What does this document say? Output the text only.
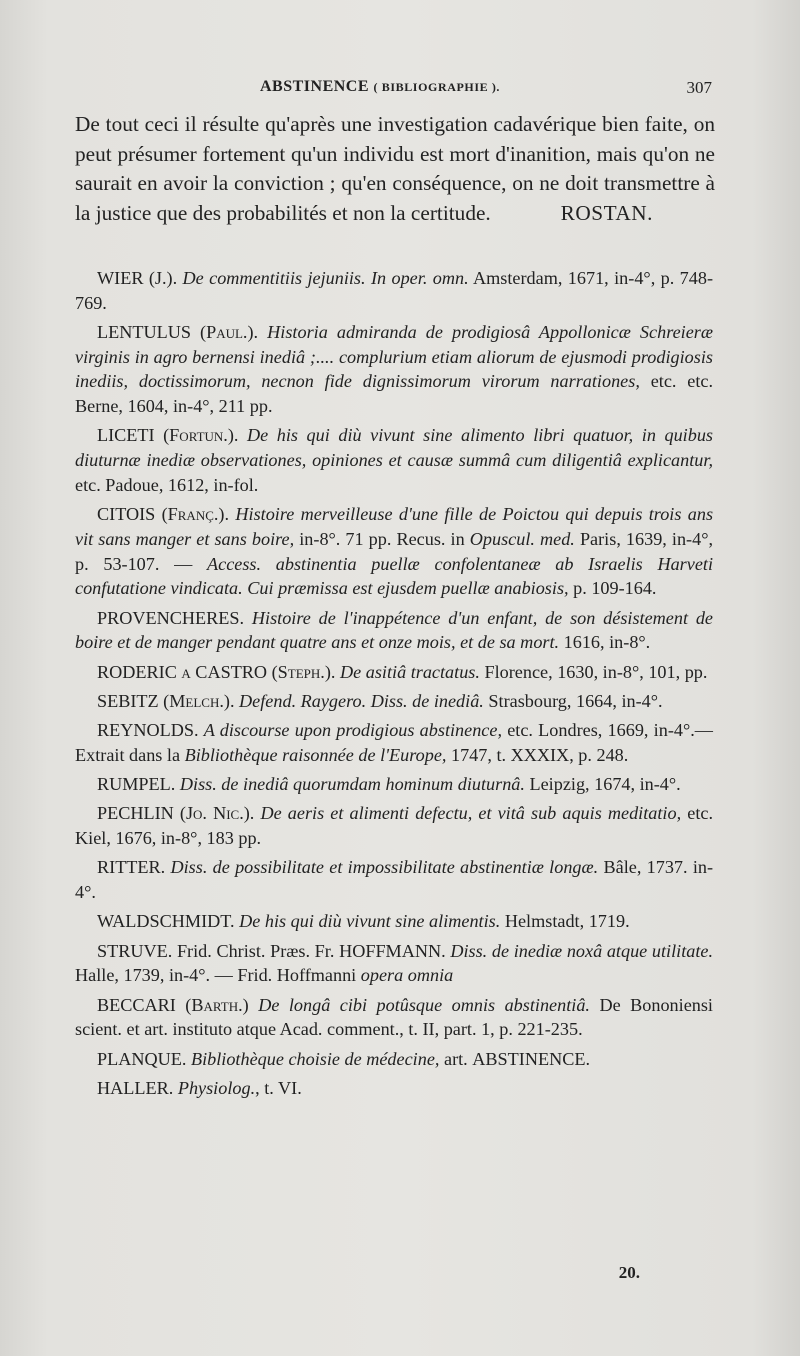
ABSTINENCE ( BIBLIOGRAPHIE ).	307
De tout ceci il résulte qu'après une investigation cadavérique bien faite, on peut présumer fortement qu'un individu est mort d'inanition, mais qu'on ne saurait en avoir la conviction ; qu'en conséquence, on ne doit transmettre à la justice que des probabilités et non la certitude.	ROSTAN.

WIER (J.). De commentitiis jejuniis. In oper. omn. Amsterdam, 1671, in-4°, p. 748-769.

LENTULUS (Paul.). Historia admiranda de prodigiosâ Appollonicæ Schreieræ virginis in agro bernensi inediâ ;.... complurium etiam aliorum de ejusmodi prodigiosis inediis, doctissimorum, necnon fide dignissimorum virorum narrationes, etc. etc. Berne, 1604, in-4°, 211 pp.

LICETI (Fortun.). De his qui diù vivunt sine alimento libri quatuor, in quibus diuturnæ inediæ observationes, opiniones et causæ summâ cum diligentiâ explicantur, etc. Padoue, 1612, in-fol.

CITOIS (Franç.). Histoire merveilleuse d'une fille de Poictou qui depuis trois ans vit sans manger et sans boire, in-8°. 71 pp. Recus. in Opuscul. med. Paris, 1639, in-4°, p. 53-107. — Access. abstinentia puellæ confolentaneæ ab Israelis Harveti confutatione vindicata. Cui præmissa est ejusdem puellæ anabiosis, p. 109-164.

PROVENCHERES. Histoire de l'inappétence d'un enfant, de son désistement de boire et de manger pendant quatre ans et onze mois, et de sa mort. 1616, in-8°.

RODERIC a CASTRO (Steph.). De asitiâ tractatus. Florence, 1630, in-8°, 101, pp.

SEBITZ (Melch.). Defend. Raygero. Diss. de inediâ. Strasbourg, 1664, in-4°.

REYNOLDS. A discourse upon prodigious abstinence, etc. Londres, 1669, in-4°.—Extrait dans la Bibliothèque raisonnée de l'Europe, 1747, t. XXXIX, p. 248.

RUMPEL. Diss. de inediâ quorumdam hominum diuturnâ. Leipzig, 1674, in-4°.

PECHLIN (Jo. Nic.). De aeris et alimenti defectu, et vitâ sub aquis meditatio, etc. Kiel, 1676, in-8°, 183 pp.

RITTER. Diss. de possibilitate et impossibilitate abstinentiæ longæ. Bâle, 1737. in-4°.

WALDSCHMIDT. De his qui diù vivunt sine alimentis. Helmstadt, 1719.

STRUVE. Frid. Christ. Præs. Fr. HOFFMANN. Diss. de inediæ noxâ atque utilitate. Halle, 1739, in-4°. — Frid. Hoffmanni opera omnia

BECCARI (Barth.) De longâ cibi potûsque omnis abstinentiâ. De Bononiensi scient. et art. instituto atque Acad. comment., t. II, part. 1, p. 221-235.

PLANQUE. Bibliothèque choisie de médecine, art. ABSTINENCE.

HALLER. Physiolog., t. VI.

20.
